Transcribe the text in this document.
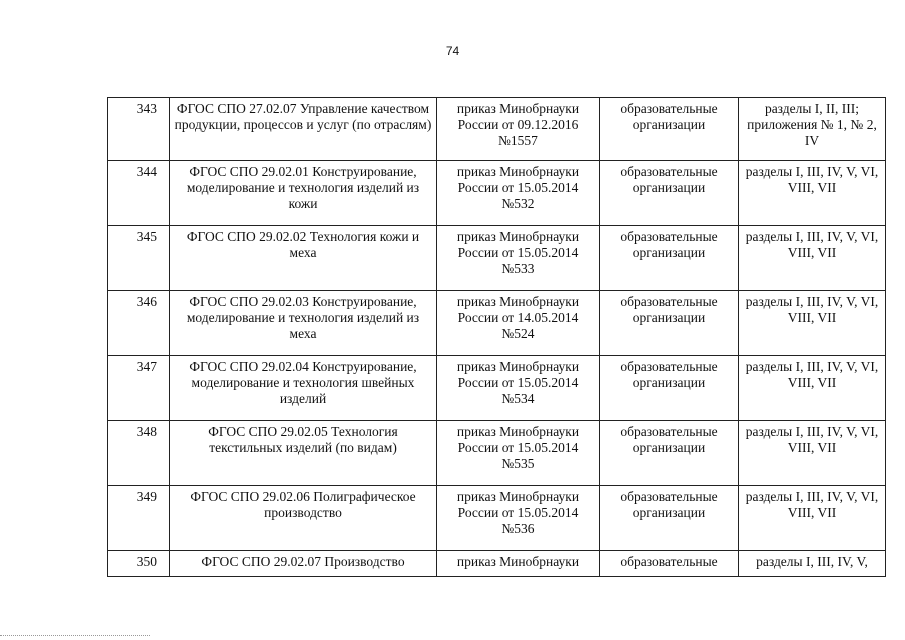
74
343	ФГОС СПО 27.02.07 Управление качеством продукции, процессов и услуг (по отраслям)	приказ Минобрнауки России от 09.12.2016 №1557	образовательные организации	разделы I, II, III; приложения № 1, № 2, IV
344	ФГОС СПО 29.02.01 Конструирование, моделирование и технология изделий из кожи	приказ Минобрнауки России от 15.05.2014 №532	образовательные организации	разделы I, III, IV, V, VI, VIII, VII
345	ФГОС СПО 29.02.02 Технология кожи и меха	приказ Минобрнауки России от 15.05.2014 №533	образовательные организации	разделы I, III, IV, V, VI, VIII, VII
346	ФГОС СПО 29.02.03 Конструирование, моделирование и технология изделий из меха	приказ Минобрнауки России от 14.05.2014 №524	образовательные организации	разделы I, III, IV, V, VI, VIII, VII
347	ФГОС СПО 29.02.04 Конструирование, моделирование и технология швейных изделий	приказ Минобрнауки России от 15.05.2014 №534	образовательные организации	разделы I, III, IV, V, VI, VIII, VII
348	ФГОС СПО 29.02.05 Технология текстильных изделий (по видам)	приказ Минобрнауки России от 15.05.2014 №535	образовательные организации	разделы I, III, IV, V, VI, VIII, VII
349	ФГОС СПО 29.02.06 Полиграфическое производство	приказ Минобрнауки России от 15.05.2014 №536	образовательные организации	разделы I, III, IV, V, VI, VIII, VII
350	ФГОС СПО 29.02.07 Производство	приказ Минобрнауки	образовательные	разделы I, III, IV, V,
